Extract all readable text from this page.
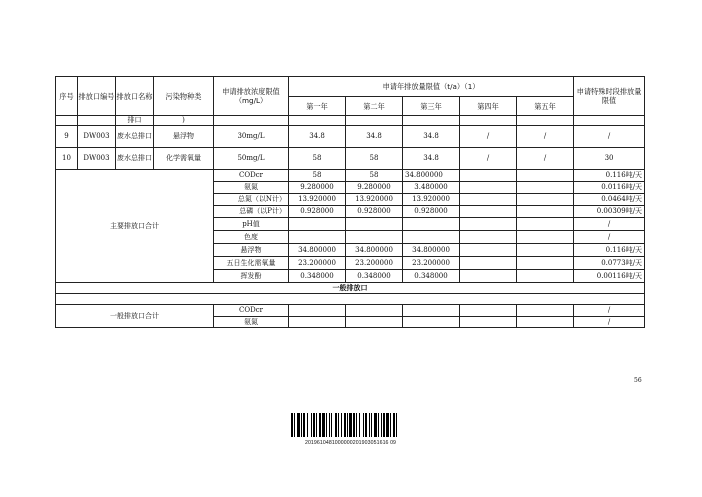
序号	排放口编号	排放口名称	污染物种类	申请排放浓度限值（mg/L）	申请年排放量限值（t/a）（1）					申请特殊时段排放量限值
					第一年	第二年	第三年	第四年	第五年	
		排口	)							
9	DW003	废水总排口	悬浮物	30mg/L	34.8	34.8	34.8	/	/	/
10	DW003	废水总排口	化学需氧量	50mg/L	58	58	34.8	/	/	30
主要排放口合计				CODcr	58	58	34.800000			0.116吨/天
				氨氮	9.280000	9.280000	3.480000			0.0116吨/天
				总氮（以N计）	13.920000	13.920000	13.920000			0.0464吨/天
				总磷（以P计）	0.928000	0.928000	0.928000			0.00309吨/天
				pH值						/
				色度						/
				悬浮物	34.800000	34.800000	34.800000			0.116吨/天
				五日生化需氧量	23.200000	23.200000	23.200000			0.0773吨/天
				挥发酚	0.348000	0.348000	0.348000			0.00116吨/天
一般排放口										

一般排放口合计				CODcr						/
				氨氮						/
56
2019610481000000201903051616 09
